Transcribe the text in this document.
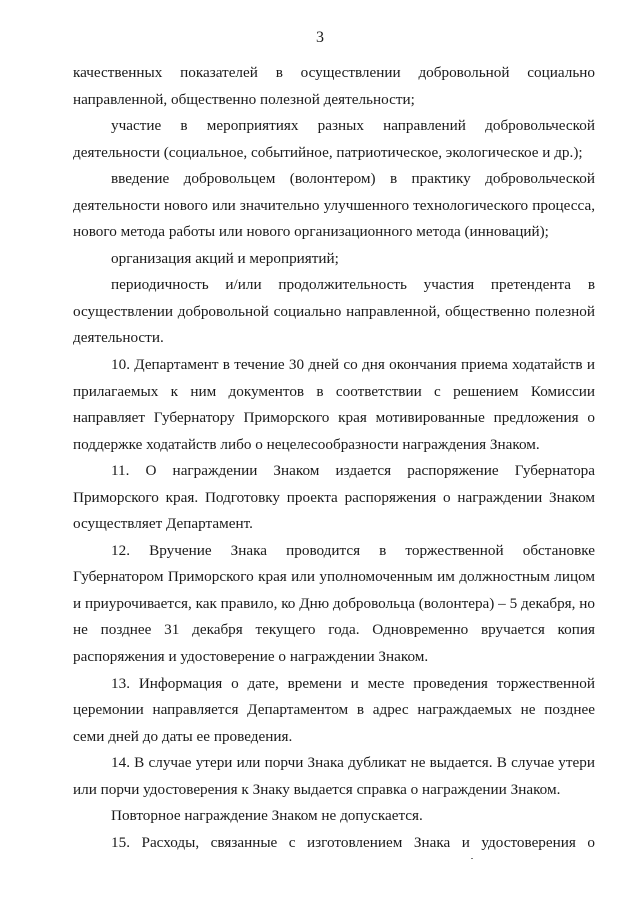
3

качественных показателей в осуществлении добровольной социально направленной, общественно полезной деятельности;

участие в мероприятиях разных направлений добровольческой деятельности (социальное, событийное, патриотическое, экологическое и др.);

введение добровольцем (волонтером) в практику добровольческой деятельности нового или значительно улучшенного технологического процесса, нового метода работы или нового организационного метода (инноваций);

организация акций и мероприятий;

периодичность и/или продолжительность участия претендента в осуществлении добровольной социально направленной, общественно полезной деятельности.

10. Департамент в течение 30 дней со дня окончания приема ходатайств и прилагаемых к ним документов в соответствии с решением Комиссии направляет Губернатору Приморского края мотивированные предложения о поддержке ходатайств либо о нецелесообразности награждения Знаком.

11. О награждении Знаком издается распоряжение Губернатора Приморского края. Подготовку проекта распоряжения о награждении Знаком осуществляет Департамент.

12. Вручение Знака проводится в торжественной обстановке Губернатором Приморского края или уполномоченным им должностным лицом и приурочивается, как правило, ко Дню добровольца (волонтера) – 5 декабря, но не позднее 31 декабря текущего года. Одновременно вручается копия распоряжения и удостоверение о награждении Знаком.

13. Информация о дате, времени и месте проведения торжественной церемонии направляется Департаментом в адрес награждаемых не позднее семи дней до даты ее проведения.

14. В случае утери или порчи Знака дубликат не выдается. В случае утери или порчи удостоверения к Знаку выдается справка о награждении Знаком.

Повторное награждение Знаком не допускается.

15. Расходы, связанные с изготовлением Знака и удостоверения о
